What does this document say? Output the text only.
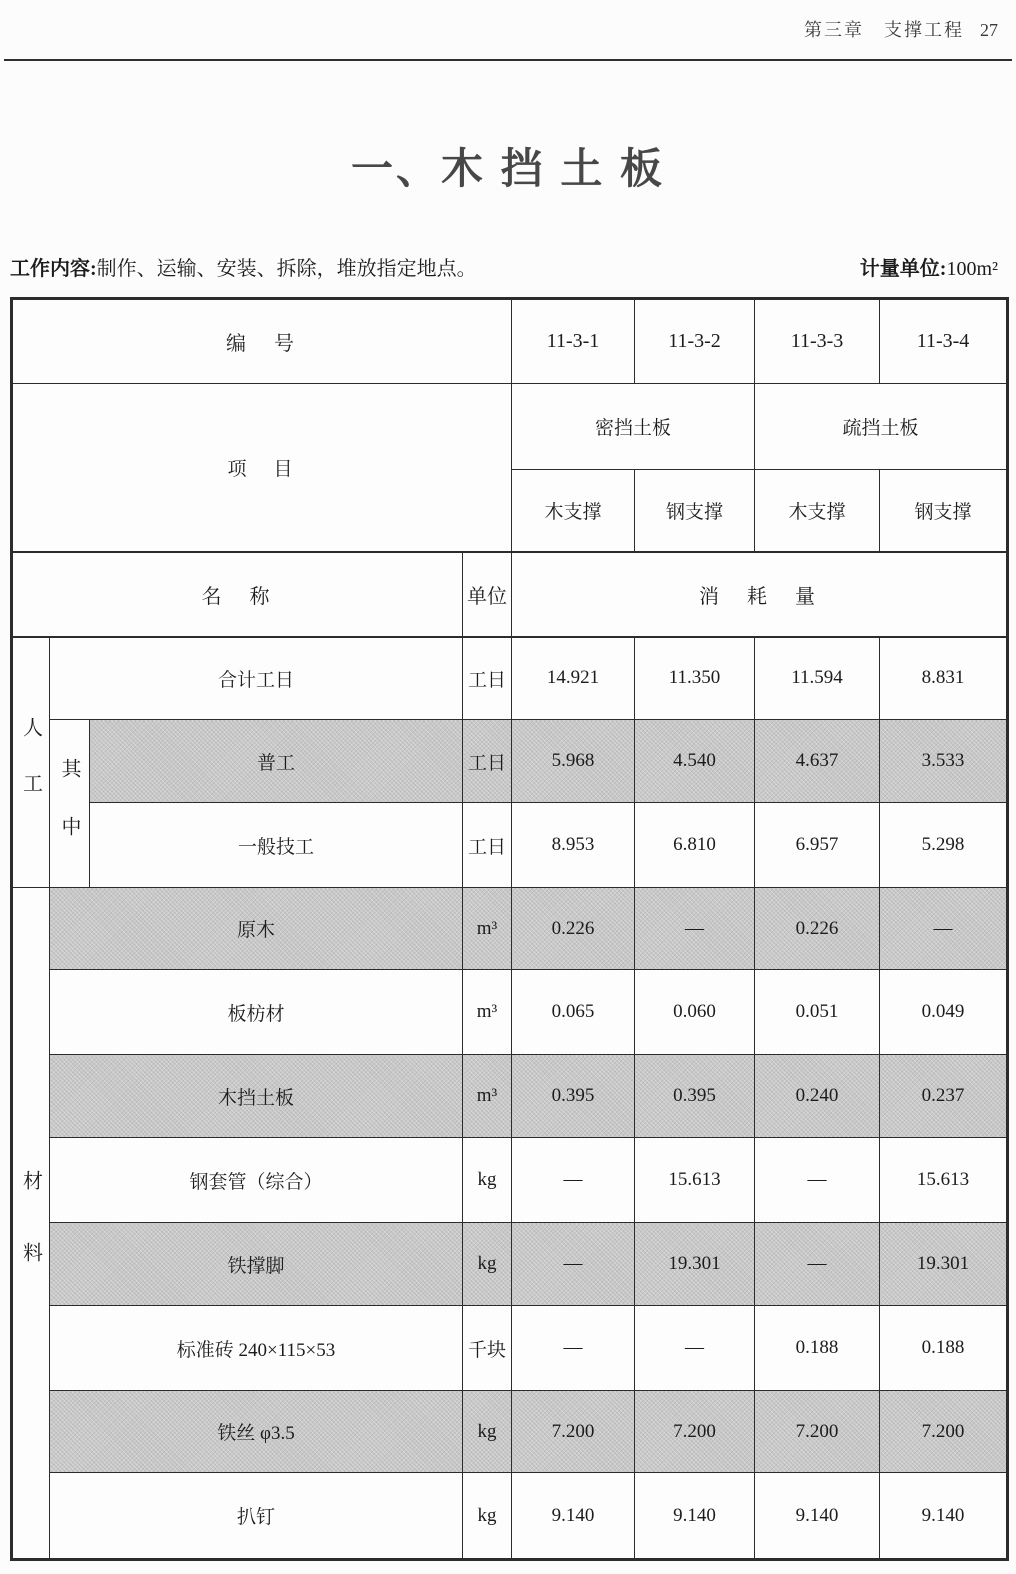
第三章　支撑工程 27
一、木 挡 土 板
工作内容:制作、运输、安装、拆除，堆放指定地点。	计量单位:100m²
编　号				11-3-1	11-3-2	11-3-3	11-3-4
项　目				密挡土板		疏挡土板	
				木支撑	钢支撑	木支撑	钢支撑
名　称			单位	消　耗　量			
人工	合计工日		工日	14.921	11.350	11.594	8.831
	其中	普工	工日	5.968	4.540	4.637	3.533
		一般技工	工日	8.953	6.810	6.957	5.298
材料	原木		m³	0.226	—	0.226	—
	板枋材		m³	0.065	0.060	0.051	0.049
	木挡土板		m³	0.395	0.395	0.240	0.237
	钢套管（综合）		kg	—	15.613	—	15.613
	铁撑脚		kg	—	19.301	—	19.301
	标准砖 240×115×53		千块	—	—	0.188	0.188
	铁丝 φ3.5		kg	7.200	7.200	7.200	7.200
	扒钉		kg	9.140	9.140	9.140	9.140
